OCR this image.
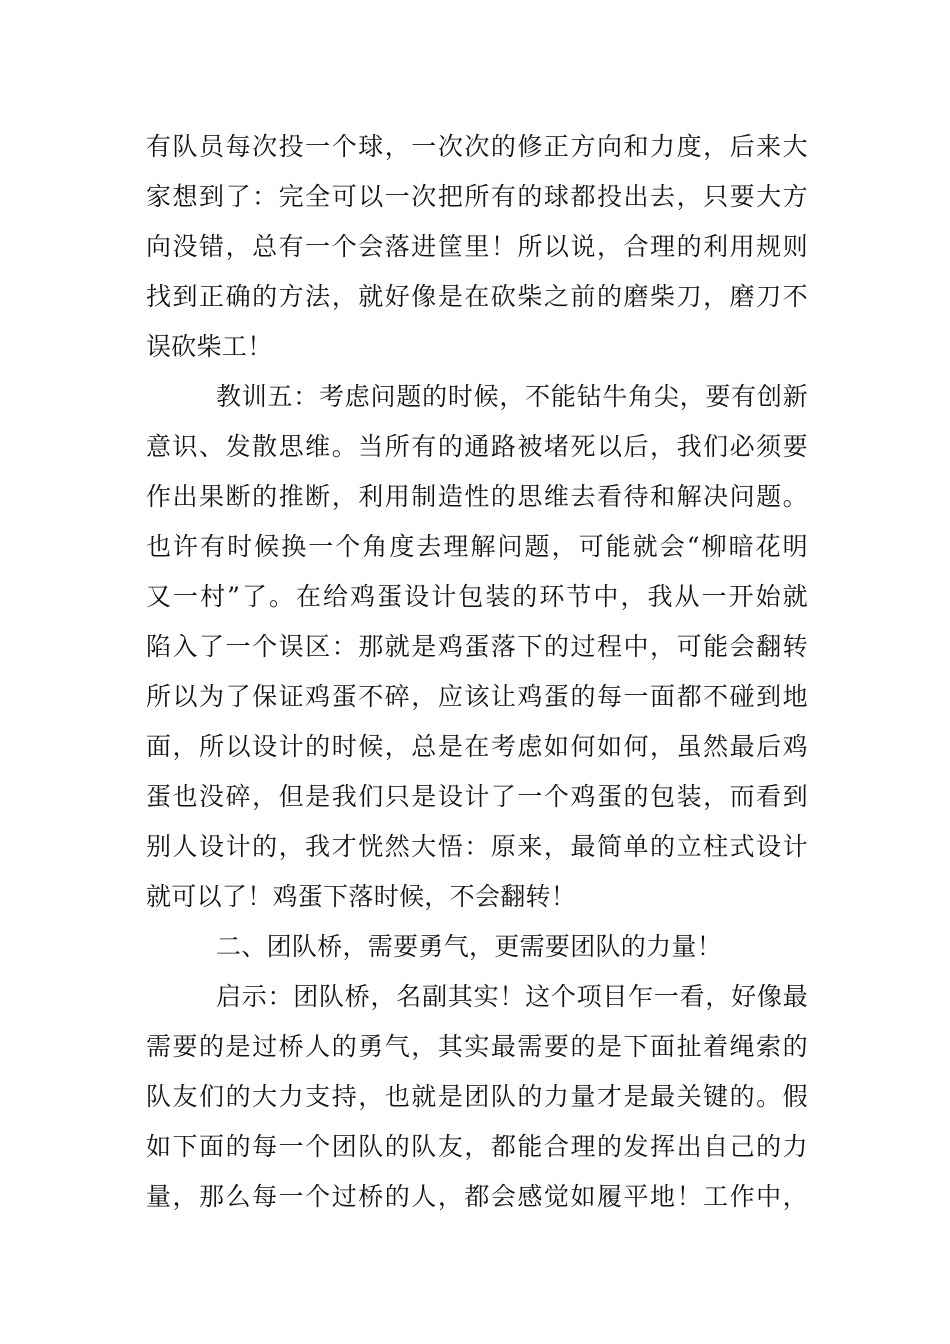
有队员每次投一个球，一次次的修正方向和力度，后来大
家想到了：完全可以一次把所有的球都投出去，只要大方
向没错，总有一个会落进筐里！所以说，合理的利用规则
找到正确的方法，就好像是在砍柴之前的磨柴刀，磨刀不
误砍柴工！
教训五：考虑问题的时候，不能钻牛角尖，要有创新
意识、发散思维。当所有的通路被堵死以后，我们必须要
作出果断的推断，利用制造性的思维去看待和解决问题。
也许有时候换一个角度去理解问题，可能就会“柳暗花明
又一村”了。在给鸡蛋设计包装的环节中，我从一开始就
陷入了一个误区：那就是鸡蛋落下的过程中，可能会翻转
所以为了保证鸡蛋不碎，应该让鸡蛋的每一面都不碰到地
面，所以设计的时候，总是在考虑如何如何，虽然最后鸡
蛋也没碎，但是我们只是设计了一个鸡蛋的包装，而看到
别人设计的，我才恍然大悟：原来，最简单的立柱式设计
就可以了！鸡蛋下落时候，不会翻转！
二、团队桥，需要勇气，更需要团队的力量！
启示：团队桥，名副其实！这个项目乍一看，好像最
需要的是过桥人的勇气，其实最需要的是下面扯着绳索的
队友们的大力支持，也就是团队的力量才是最关键的。假
如下面的每一个团队的队友，都能合理的发挥出自己的力
量，那么每一个过桥的人，都会感觉如履平地！工作中，
